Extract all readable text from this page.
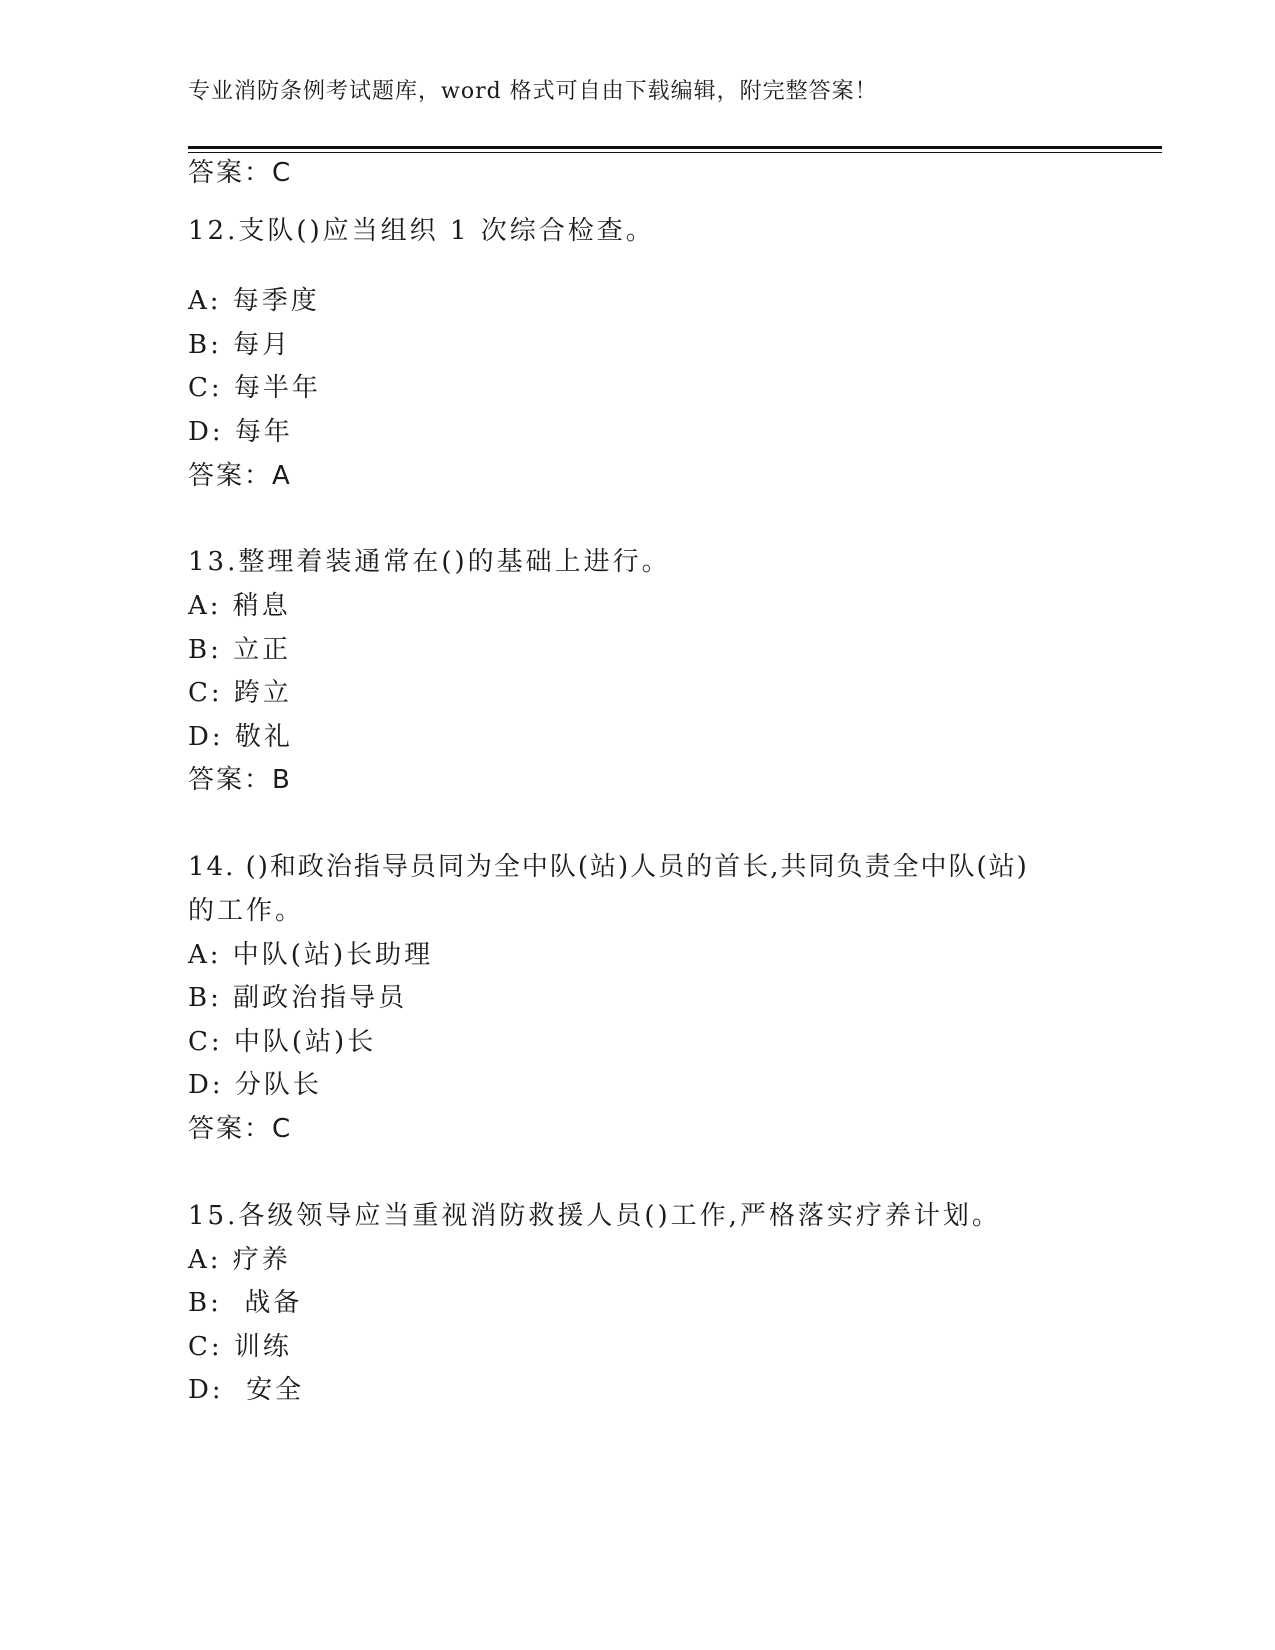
专业消防条例考试题库，word 格式可自由下载编辑，附完整答案！
答案：C
12.支队()应当组织 1 次综合检查。
A: 每季度
B: 每月
C: 每半年
D: 每年
答案：A
13.整理着装通常在()的基础上进行。
A: 稍息
B: 立正
C: 跨立
D: 敬礼
答案：B
14. ()和政治指导员同为全中队(站)人员的首长,共同负责全中队(站)
的工作。
A: 中队(站)长助理
B: 副政治指导员
C: 中队(站)长
D: 分队长
答案：C
15.各级领导应当重视消防救援人员()工作,严格落实疗养计划。
A: 疗养
B:  战备
C: 训练
D:  安全
